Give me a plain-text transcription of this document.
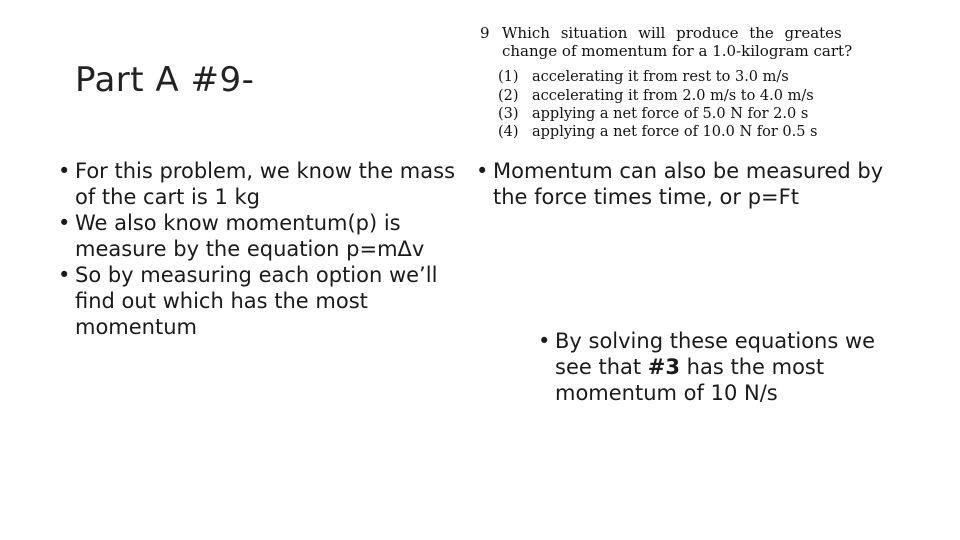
Part A #9-
9 Which situation will produce the greates
change of momentum for a 1.0-kilogram cart?
(1) accelerating it from rest to 3.0 m/s
(2) accelerating it from 2.0 m/s to 4.0 m/s
(3) applying a net force of 5.0 N for 2.0 s
(4) applying a net force of 10.0 N for 0.5 s
• For this problem, we know the mass of the cart is 1 kg
• We also know momentum(p) is measure by the equation p=mΔv
• So by measuring each option we’ll find out which has the most momentum
• Momentum can also be measured by the force times time, or p=Ft
• By solving these equations we see that #3 has the most momentum of 10 N/s
